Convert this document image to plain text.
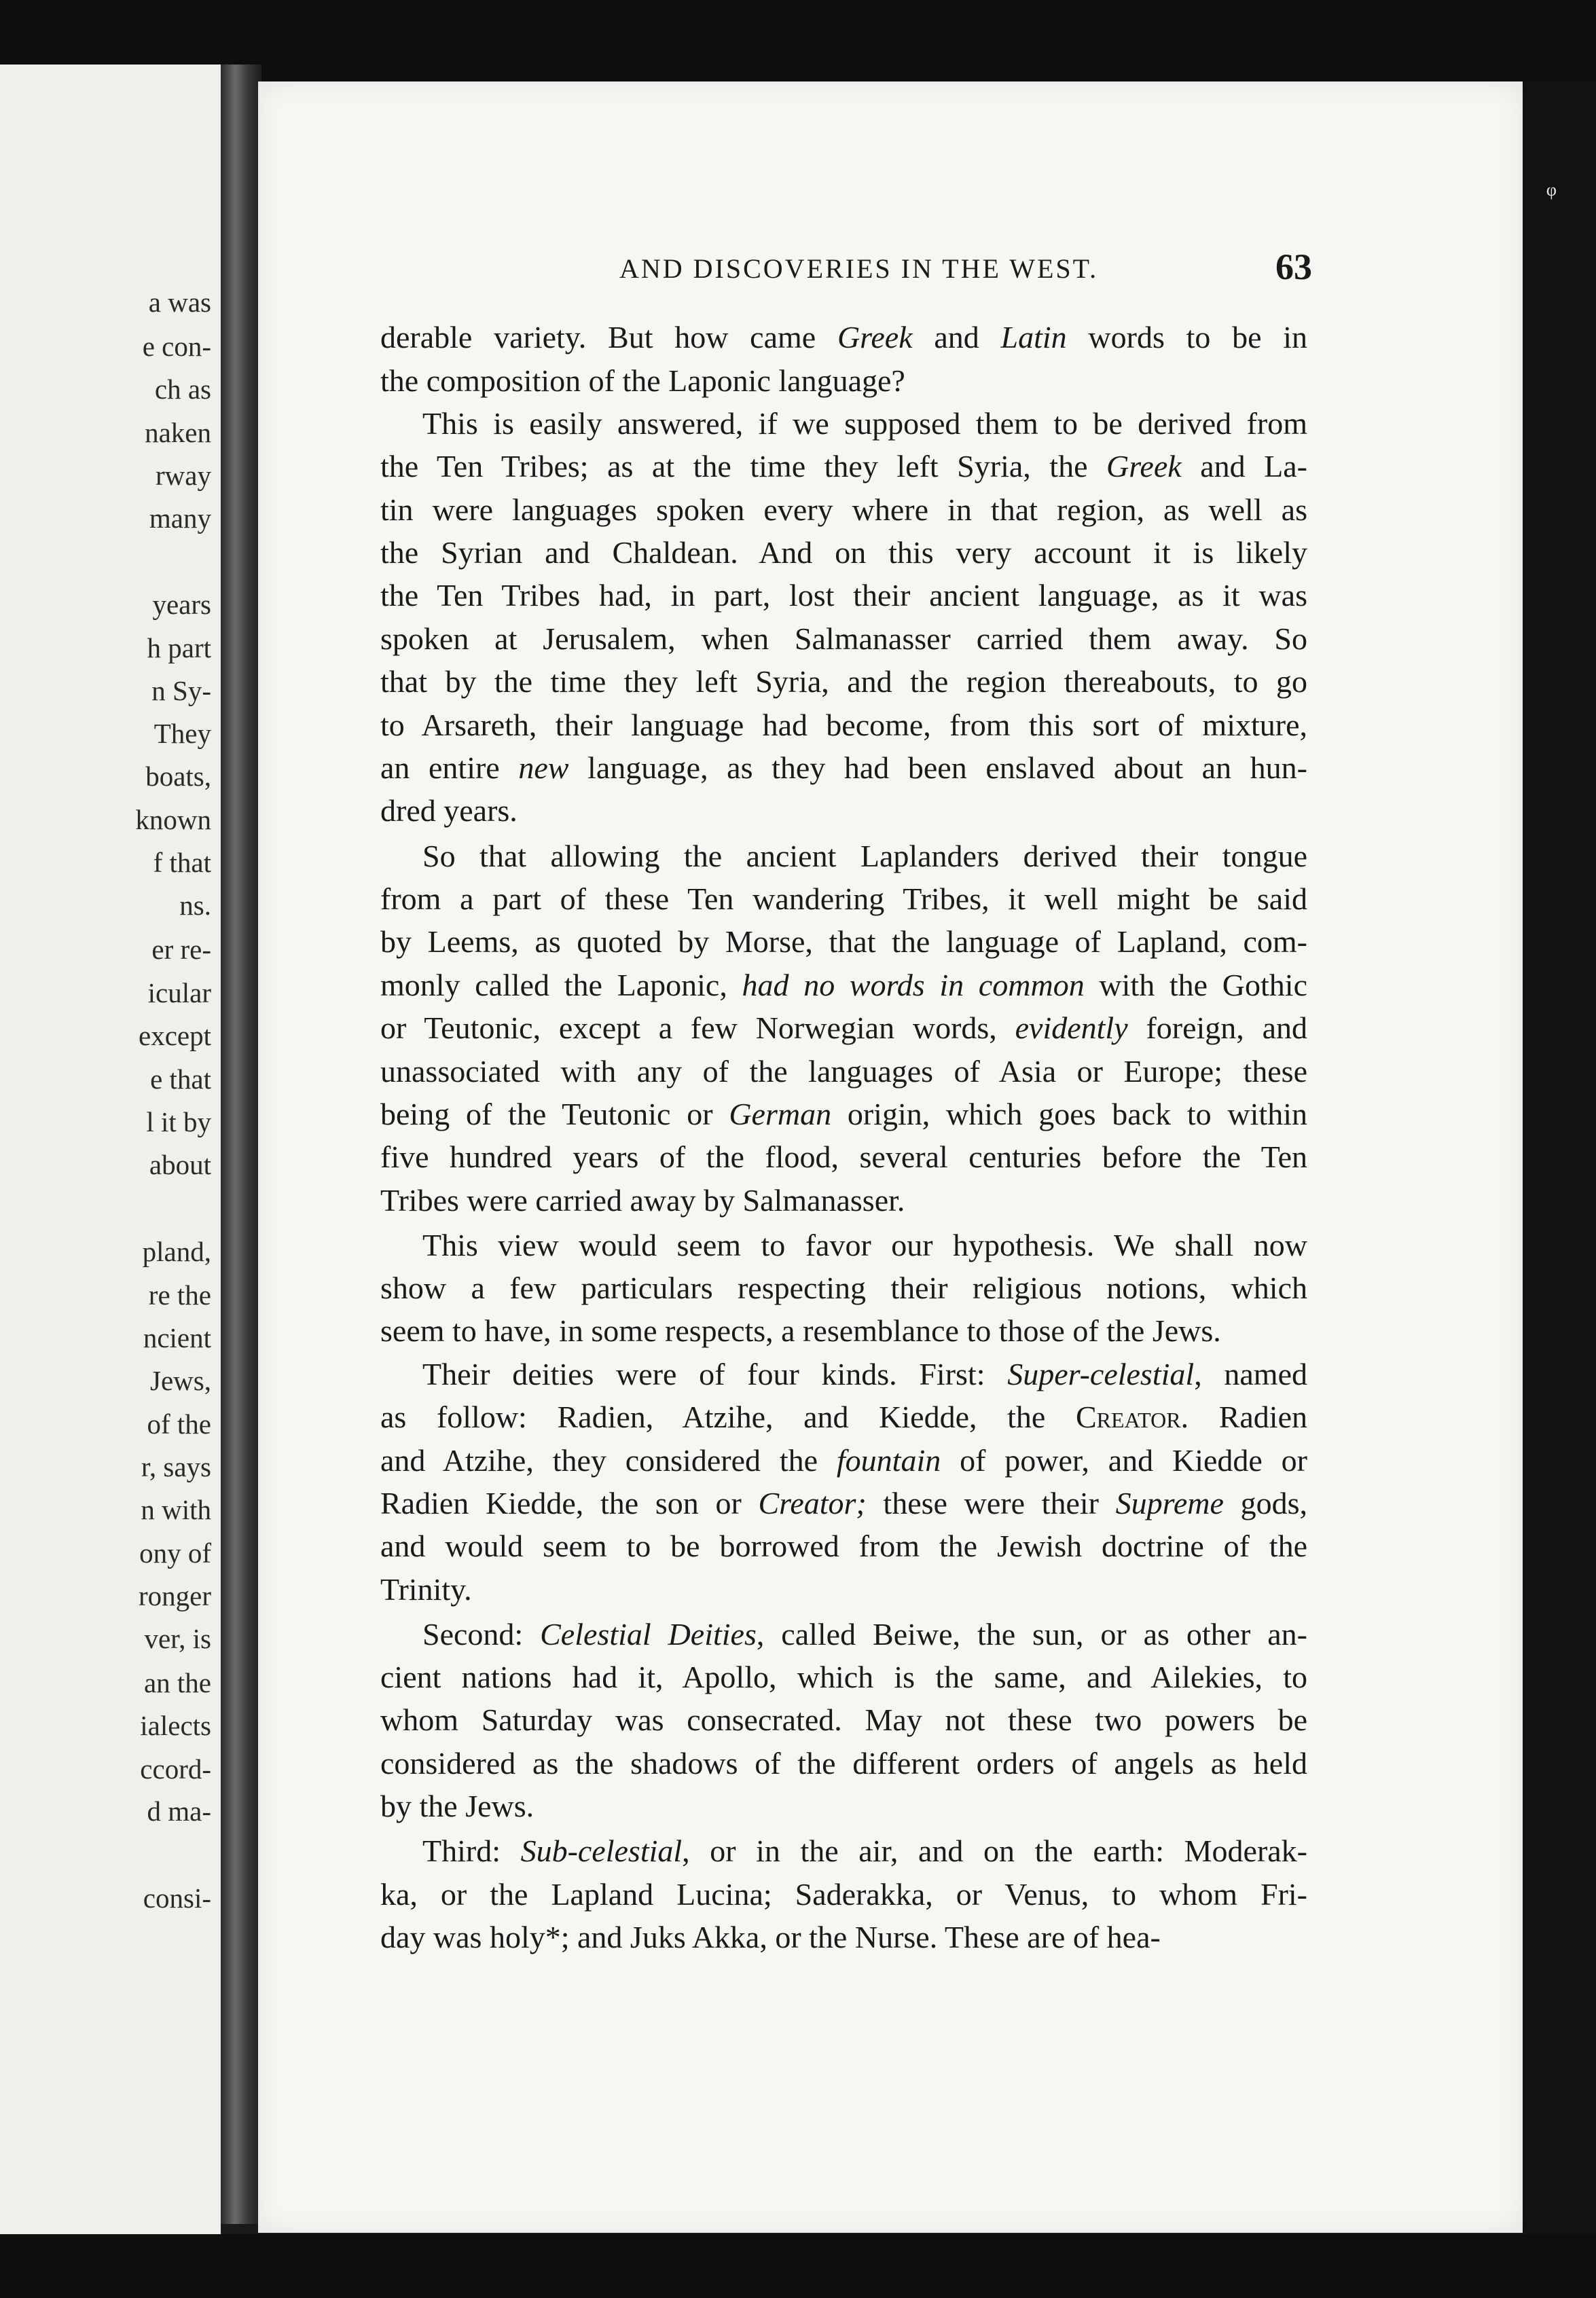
a was
e con-
ch as
naken
rway
many
years
h part
n Sy-
They
boats,
known
f that
ns.
er re-
icular
except
e that
l it by
about
pland,
re the
ncient
Jews,
of the
r, says
n with
ony of
ronger
ver, is
an the
ialects
ccord-
d ma-
consi-
ᵠ
AND DISCOVERIES IN THE WEST.	63
derable variety. But how came Greek and Latin words to be in
the composition of the Laponic language?
This is easily answered, if we supposed them to be derived from
the Ten Tribes; as at the time they left Syria, the Greek and La-
tin were languages spoken every where in that region, as well as
the Syrian and Chaldean. And on this very account it is likely
the Ten Tribes had, in part, lost their ancient language, as it was
spoken at Jerusalem, when Salmanasser carried them away. So
that by the time they left Syria, and the region thereabouts, to go
to Arsareth, their language had become, from this sort of mixture,
an entire new language, as they had been enslaved about an hun-
dred years.
So that allowing the ancient Laplanders derived their tongue
from a part of these Ten wandering Tribes, it well might be said
by Leems, as quoted by Morse, that the language of Lapland, com-
monly called the Laponic, had no words in common with the Gothic
or Teutonic, except a few Norwegian words, evidently foreign, and
unassociated with any of the languages of Asia or Europe; these
being of the Teutonic or German origin, which goes back to within
five hundred years of the flood, several centuries before the Ten
Tribes were carried away by Salmanasser.
This view would seem to favor our hypothesis. We shall now
show a few particulars respecting their religious notions, which
seem to have, in some respects, a resemblance to those of the Jews.
Their deities were of four kinds. First: Super-celestial, named
as follow: Radien, Atzihe, and Kiedde, the Creator. Radien
and Atzihe, they considered the fountain of power, and Kiedde or
Radien Kiedde, the son or Creator; these were their Supreme gods,
and would seem to be borrowed from the Jewish doctrine of the
Trinity.
Second: Celestial Deities, called Beiwe, the sun, or as other an-
cient nations had it, Apollo, which is the same, and Ailekies, to
whom Saturday was consecrated. May not these two powers be
considered as the shadows of the different orders of angels as held
by the Jews.
Third: Sub-celestial, or in the air, and on the earth: Moderak-
ka, or the Lapland Lucina; Saderakka, or Venus, to whom Fri-
day was holy*; and Juks Akka, or the Nurse. These are of hea-
